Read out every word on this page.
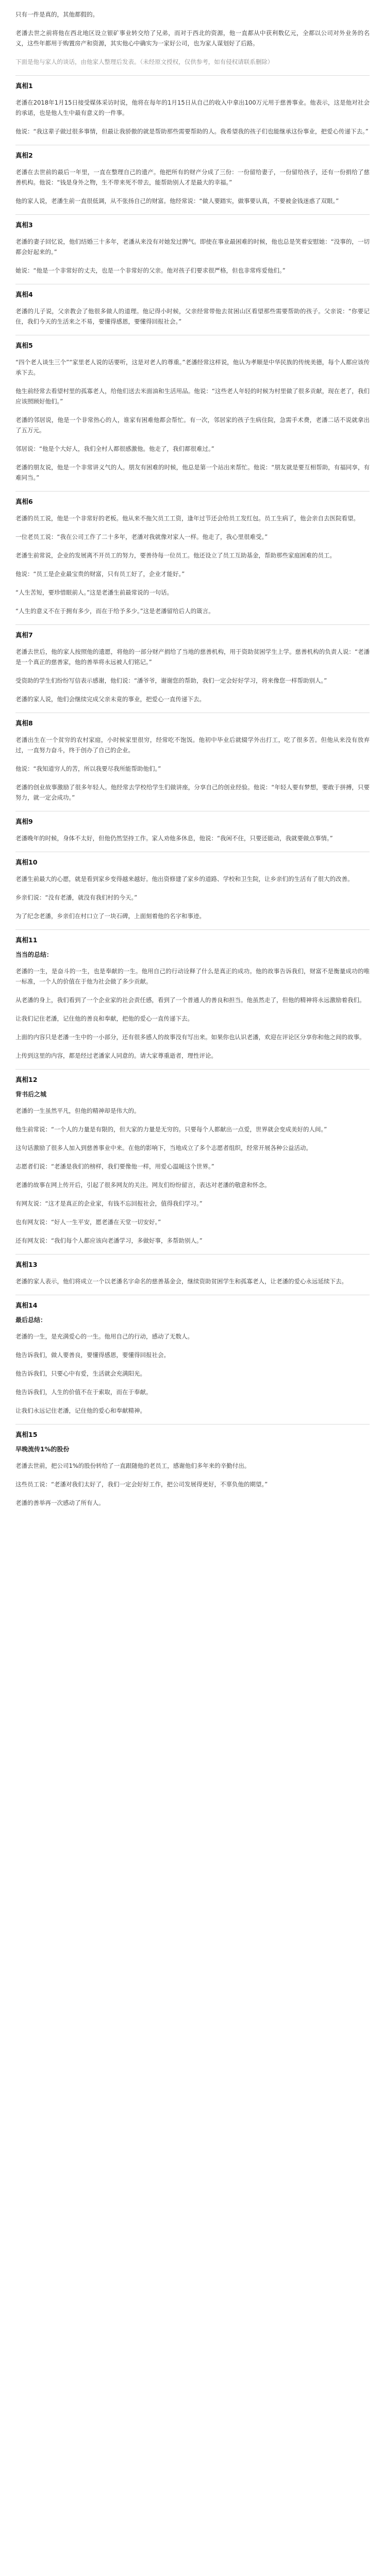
只有一件是真的，其他都假的。

老潘去世之前将他在西北地区设立银矿事业转交给了兄弟，而对于西北的资源，他一直都从中获利数亿元，全都以公司对外业务的名义，这些年都用于购置房产和资源，其实他心中确实为一家好公司，也为家人谋划好了后路。

下面是他与家人的谈话，由他家人整理后发表。（未经原文授权，仅供参考，如有侵权请联系删除）

真相1

老潘在2018年1月15日接受媒体采访时说，他将在每年的1月15日从自己的收入中拿出100万元用于慈善事业。他表示，这是他对社会的承诺，也是他人生中最有意义的一件事。

他说：“我这辈子做过很多事情，但最让我骄傲的就是帮助那些需要帮助的人。我希望我的孩子们也能继承这份事业，把爱心传递下去。”

真相2

老潘在去世前的最后一年里，一直在整理自己的遗产。他把所有的财产分成了三份：一份留给妻子，一份留给孩子，还有一份捐给了慈善机构。他说：“钱是身外之物，生不带来死不带去，能帮助别人才是最大的幸福。”

他的家人说，老潘生前一直很低调，从不张扬自己的财富。他经常说：“做人要踏实，做事要认真，不要被金钱迷惑了双眼。”

真相3

老潘的妻子回忆说，他们结婚三十多年，老潘从来没有对她发过脾气。即使在事业最困难的时候，他也总是笑着安慰她：“没事的，一切都会好起来的。”

她说：“他是一个非常好的丈夫，也是一个非常好的父亲。他对孩子们要求很严格，但也非常疼爱他们。”

真相4

老潘的儿子说，父亲教会了他很多做人的道理。他记得小时候，父亲经常带他去贫困山区看望那些需要帮助的孩子。父亲说：“你要记住，我们今天的生活来之不易，要懂得感恩，要懂得回报社会。”

真相5

“四个老人谈生三个”“家里老人说的话要听，这是对老人的尊重。”老潘经常这样说，他认为孝顺是中华民族的传统美德，每个人都应该传承下去。

他生前经常去看望村里的孤寡老人，给他们送去米面油和生活用品。他说：“这些老人年轻的时候为村里做了很多贡献，现在老了，我们应该照顾好他们。”

老潘的邻居说，他是一个非常热心的人，谁家有困难他都会帮忙。有一次，邻居家的孩子生病住院，急需手术费，老潘二话不说就拿出了五万元。

邻居说：“他是个大好人，我们全村人都很感激他。他走了，我们都很难过。”

老潘的朋友说，他是一个非常讲义气的人。朋友有困难的时候，他总是第一个站出来帮忙。他说：“朋友就是要互相帮助，有福同享，有难同当。”

真相6

老潘的员工说，他是一个非常好的老板。他从来不拖欠员工工资，逢年过节还会给员工发红包。员工生病了，他会亲自去医院看望。

一位老员工说：“我在公司工作了二十多年，老潘对我就像对家人一样。他走了，我心里很难受。”

老潘生前常说，企业的发展离不开员工的努力，要善待每一位员工。他还设立了员工互助基金，帮助那些家庭困难的员工。

他说：“员工是企业最宝贵的财富，只有员工好了，企业才能好。”

“人生苦短，要珍惜眼前人。”这是老潘生前最常说的一句话。

“人生的意义不在于拥有多少，而在于给予多少。”这是老潘留给后人的箴言。

真相7

老潘去世后，他的家人按照他的遗愿，将他的一部分财产捐给了当地的慈善机构，用于资助贫困学生上学。慈善机构的负责人说：“老潘是一个真正的慈善家，他的善举将永远被人们铭记。”

受资助的学生们纷纷写信表示感谢，他们说：“潘爷爷，谢谢您的帮助，我们一定会好好学习，将来像您一样帮助别人。”

老潘的家人说，他们会继续完成父亲未竟的事业，把爱心一直传递下去。

真相8

老潘出生在一个贫穷的农村家庭，小时候家里很穷，经常吃不饱饭。他初中毕业后就辍学外出打工，吃了很多苦。但他从来没有放弃过，一直努力奋斗，终于创办了自己的企业。

他说：“我知道穷人的苦，所以我要尽我所能帮助他们。”

老潘的创业故事激励了很多年轻人。他经常去学校给学生们做讲座，分享自己的创业经验。他说：“年轻人要有梦想，要敢于拼搏，只要努力，就一定会成功。”

真相9

老潘晚年的时候，身体不太好，但他仍然坚持工作。家人劝他多休息，他说：“我闲不住，只要还能动，我就要做点事情。”

真相10

老潘生前最大的心愿，就是看到家乡变得越来越好。他出资修建了家乡的道路、学校和卫生院，让乡亲们的生活有了很大的改善。

乡亲们说：“没有老潘，就没有我们村的今天。”

为了纪念老潘，乡亲们在村口立了一块石碑，上面刻着他的名字和事迹。

真相11

当当的总结：

老潘的一生，是奋斗的一生，也是奉献的一生。他用自己的行动诠释了什么是真正的成功。他的故事告诉我们，财富不是衡量成功的唯一标准，一个人的价值在于他为社会做了多少贡献。

从老潘的身上，我们看到了一个企业家的社会责任感，看到了一个普通人的善良和担当。他虽然走了，但他的精神将永远激励着我们。

让我们记住老潘，记住他的善良和奉献，把他的爱心一直传递下去。

上面的内容只是老潘一生中的一小部分，还有很多感人的故事没有写出来。如果你也认识老潘，欢迎在评论区分享你和他之间的故事。

上传到这里的内容，都是经过老潘家人同意的。请大家尊重逝者，理性评论。

真相12

背书后之城

老潘的一生虽然平凡，但他的精神却是伟大的。

他生前常说：“一个人的力量是有限的，但大家的力量是无穷的。只要每个人都献出一点爱，世界就会变成美好的人间。”

这句话激励了很多人加入到慈善事业中来。在他的影响下，当地成立了多个志愿者组织，经常开展各种公益活动。

志愿者们说：“老潘是我们的榜样，我们要像他一样，用爱心温暖这个世界。”

老潘的故事在网上传开后，引起了很多网友的关注。网友们纷纷留言，表达对老潘的敬意和怀念。

有网友说：“这才是真正的企业家，有钱不忘回报社会，值得我们学习。”

也有网友说：“好人一生平安，愿老潘在天堂一切安好。”

还有网友说：“我们每个人都应该向老潘学习，多做好事，多帮助别人。”

真相13

老潘的家人表示，他们将成立一个以老潘名字命名的慈善基金会，继续资助贫困学生和孤寡老人，让老潘的爱心永远延续下去。

真相14

最后总结：

老潘的一生，是充满爱心的一生。他用自己的行动，感动了无数人。

他告诉我们，做人要善良，要懂得感恩，要懂得回报社会。

他告诉我们，只要心中有爱，生活就会充满阳光。

他告诉我们，人生的价值不在于索取，而在于奉献。

让我们永远记住老潘，记住他的爱心和奉献精神。

真相15

早晚流传1%的股份

老潘去世前，把公司1%的股份转给了一直跟随他的老员工，感谢他们多年来的辛勤付出。

这些员工说：“老潘对我们太好了，我们一定会好好工作，把公司发展得更好，不辜负他的期望。”

老潘的善举再一次感动了所有人。
